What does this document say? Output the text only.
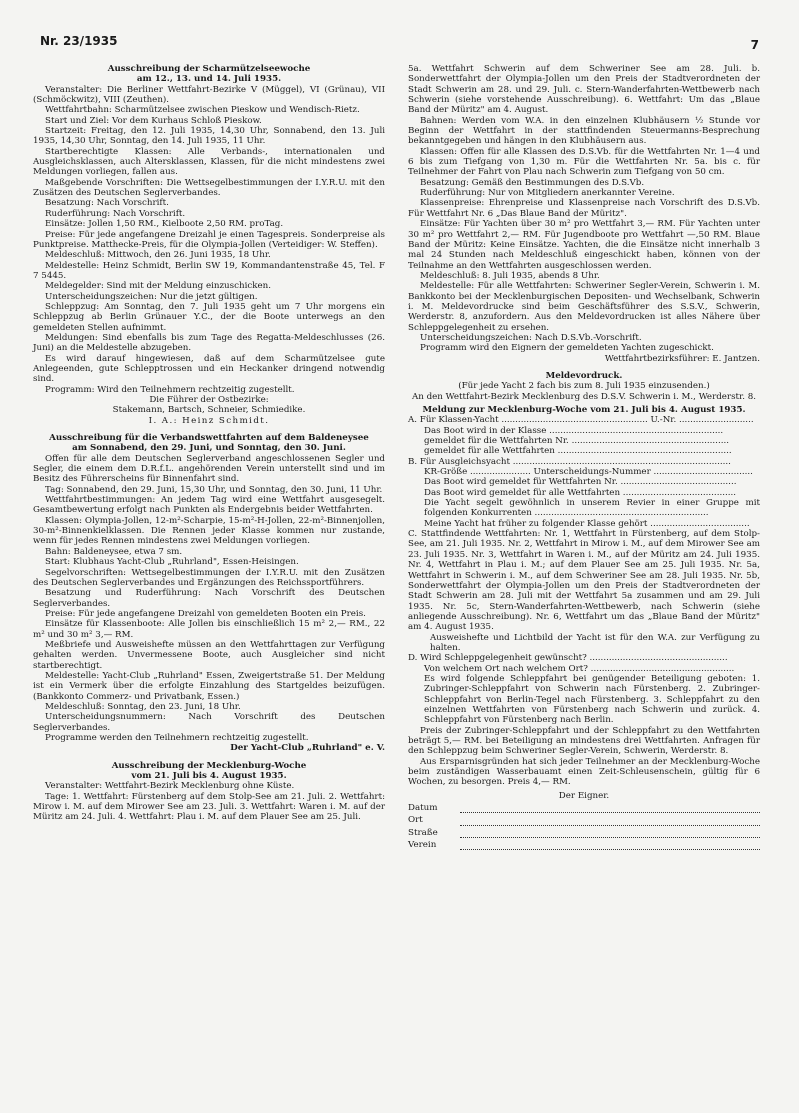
Nr. 23/1935	7
Ausschreibung der Scharmützelseewoche
am 12., 13. und 14. Juli 1935.

Veranstalter: Die Berliner Wettfahrt-Bezirke V (Müggel), VI (Grünau), VII (Schmöckwitz), VIII (Zeuthen).

Wettfahrtbahn: Scharmützelsee zwischen Pieskow und Wendisch-Rietz.

Start und Ziel: Vor dem Kurhaus Schloß Pieskow.

Startzeit: Freitag, den 12. Juli 1935, 14,30 Uhr, Sonnabend, den 13. Juli 1935, 14,30 Uhr, Sonntag, den 14. Juli 1935, 11 Uhr.

Startberechtigte Klassen: Alle Verbands-, internationalen und Ausgleichsklassen, auch Altersklassen, Klassen, für die nicht mindestens zwei Meldungen vorliegen, fallen aus.

Maßgebende Vorschriften: Die Wettsegelbestimmungen der I.Y.R.U. mit den Zusätzen des Deutschen Seglerverbandes.

Besatzung: Nach Vorschrift.

Ruderführung: Nach Vorschrift.

Einsätze: Jollen 1,50 RM., Kielboote 2,50 RM. proTag.

Preise: Für jede angefangene Dreizahl je einen Tagespreis. Sonderpreise als Punktpreise. Matthecke-Preis, für die Olympia-Jollen (Verteidiger: W. Steffen).

Meldeschluß: Mittwoch, den 26. Juni 1935, 18 Uhr.

Meldestelle: Heinz Schmidt, Berlin SW 19, Kommandantenstraße 45, Tel. F 7 5445.

Meldegelder: Sind mit der Meldung einzuschicken.

Unterscheidungszeichen: Nur die jetzt gültigen.

Schleppzug: Am Sonntag, den 7. Juli 1935 geht um 7 Uhr morgens ein Schleppzug ab Berlin Grünauer Y.C., der die Boote unterwegs an den gemeldeten Stellen aufnimmt.

Meldungen: Sind ebenfalls bis zum Tage des Regatta-Meldeschlusses (26. Juni) an die Meldestelle abzugeben.

Es wird darauf hingewiesen, daß auf dem Scharmützelsee gute Anlegeenden, gute Schlepptrossen und ein Heckanker dringend notwendig sind.

Programm: Wird den Teilnehmern rechtzeitig zugestellt.

Die Führer der Ostbezirke:

Stakemann, Bartsch, Schneier, Schmiedike.

I. A.: Heinz Schmidt.

Ausschreibung für die Verbandswettfahrten auf dem Baldeneysee
am Sonnabend, den 29. Juni, und Sonntag, den 30. Juni.

Offen für alle dem Deutschen Seglerverband angeschlossenen Segler und Segler, die einem dem D.R.f.L. angehörenden Verein unterstellt sind und im Besitz des Führerscheins für Binnenfahrt sind.

Tag: Sonnabend, den 29. Juni, 15,30 Uhr, und Sonntag, den 30. Juni, 11 Uhr.

Wettfahrtbestimmungen: An jedem Tag wird eine Wettfahrt ausgesegelt. Gesamtbewertung erfolgt nach Punkten als Endergebnis beider Wettfahrten.

Klassen: Olympia-Jollen, 12-m²-Scharpie, 15-m²-H-Jollen, 22-m²-Binnenjollen, 30-m²-Binnenkielklassen. Die Rennen jeder Klasse kommen nur zustande, wenn für jedes Rennen mindestens zwei Meldungen vorliegen.

Bahn: Baldeneysee, etwa 7 sm.

Start: Klubhaus Yacht-Club „Ruhrland", Essen-Heisingen.

Segelvorschriften: Wettsegelbestimmungen der I.Y.R.U. mit den Zusätzen des Deutschen Seglerverbandes und Ergänzungen des Reichssportführers.

Besatzung und Ruderführung: Nach Vorschrift des Deutschen Seglerverbandes.

Preise: Für jede angefangene Dreizahl von gemeldeten Booten ein Preis.

Einsätze für Klassenboote: Alle Jollen bis einschließlich 15 m² 2,— RM., 22 m² und 30 m² 3,— RM.

Meßbriefe und Ausweishefte müssen an den Wettfahrttagen zur Verfügung gehalten werden. Unvermessene Boote, auch Ausgleicher sind nicht startberechtigt.

Meldestelle: Yacht-Club „Ruhrland" Essen, Zweigertstraße 51. Der Meldung ist ein Vermerk über die erfolgte Einzahlung des Startgeldes beizufügen. (Bankkonto Commerz- und Privatbank, Essen.)

Meldeschluß: Sonntag, den 23. Juni, 18 Uhr.

Unterscheidungsnummern: Nach Vorschrift des Deutschen Seglerverbandes.

Programme werden den Teilnehmern rechtzeitig zugestellt.

Der Yacht-Club „Ruhrland" e. V.

Ausschreibung der Mecklenburg-Woche
vom 21. Juli bis 4. August 1935.

Veranstalter: Wettfahrt-Bezirk Mecklenburg ohne Küste.

Tage: 1. Wettfahrt: Fürstenberg auf dem Stolp-See am 21. Juli. 2. Wettfahrt: Mirow i. M. auf dem Mirower See am 23. Juli. 3. Wettfahrt: Waren i. M. auf der Müritz am 24. Juli. 4. Wettfahrt: Plau i. M. auf dem Plauer See am 25. Juli.

5a. Wettfahrt Schwerin auf dem Schweriner See am 28. Juli. b. Sonderwettfahrt der Olympia-Jollen um den Preis der Stadtverordneten der Stadt Schwerin am 28. und 29. Juli. c. Stern-Wanderfahrten-Wettbewerb nach Schwerin (siehe vorstehende Ausschreibung). 6. Wettfahrt: Um das „Blaue Band der Müritz" am 4. August.

Bahnen: Werden vom W.A. in den einzelnen Klubhäusern ½ Stunde vor Beginn der Wettfahrt in der stattfindenden Steuermanns-Besprechung bekanntgegeben und hängen in den Klubhäusern aus.

Klassen: Offen für alle Klassen des D.S.Vb. für die Wettfahrten Nr. 1—4 und 6 bis zum Tiefgang von 1,30 m. Für die Wettfahrten Nr. 5a. bis c. für Teilnehmer der Fahrt von Plau nach Schwerin zum Tiefgang von 50 cm.

Besatzung: Gemäß den Bestimmungen des D.S.Vb.

Ruderführung: Nur von Mitgliedern anerkannter Vereine.

Klassenpreise: Ehrenpreise und Klassenpreise nach Vorschrift des D.S.Vb. Für Wettfahrt Nr. 6 „Das Blaue Band der Müritz".

Einsätze: Für Yachten über 30 m² pro Wettfahrt 3,— RM. Für Yachten unter 30 m² pro Wettfahrt 2,— RM. Für Jugendboote pro Wettfahrt —,50 RM. Blaue Band der Müritz: Keine Einsätze. Yachten, die die Einsätze nicht innerhalb 3 mal 24 Stunden nach Meldeschluß eingeschickt haben, können von der Teilnahme an den Wettfahrten ausgeschlossen werden.

Meldeschluß: 8. Juli 1935, abends 8 Uhr.

Meldestelle: Für alle Wettfahrten: Schweriner Segler-Verein, Schwerin i. M. Bankkonto bei der Mecklenburgischen Depositen- und Wechselbank, Schwerin i. M. Meldevordrucke sind beim Geschäftsführer des S.S.V., Schwerin, Werderstr. 8, anzufordern. Aus den Meldevordrucken ist alles Nähere über Schleppgelegenheit zu ersehen.

Unterscheidungszeichen: Nach D.S.Vb.-Vorschrift.

Programm wird den Eignern der gemeldeten Yachten zugeschickt.

Wettfahrtbezirksführer: E. Jantzen.

Meldevordruck.

(Für jede Yacht 2 fach bis zum 8. Juli 1935 einzusenden.)

An den Wettfahrt-Bezirk Mecklenburg des D.S.V. Schwerin i. M., Werderstr. 8.

Meldung zur Mecklenburg-Woche vom 21. Juli bis 4. August 1935.

A. Für Klassen-Yacht ..................................................... U.-Nr. ...........................

Das Boot wird in der Klasse ...............................................................

gemeldet für die Wettfahrten Nr. .........................................................

gemeldet für alle Wettfahrten ...............................................................

B. Für Ausgleichsyacht ...............................................................................

KR-Größe ...................... Unterscheidungs-Nummer ....................................

Das Boot wird gemeldet für Wettfahrten Nr. ..........................................

Das Boot wird gemeldet für alle Wettfahrten .........................................

Die Yacht segelt gewöhnlich in unserem Revier in einer Gruppe mit folgenden Konkurrenten ...............................................................

Meine Yacht hat früher zu folgender Klasse gehört ....................................

C. Stattfindende Wettfahrten: Nr. 1, Wettfahrt in Fürstenberg, auf dem Stolp-See, am 21. Juli 1935. Nr. 2, Wettfahrt in Mirow i. M., auf dem Mirower See am 23. Juli 1935. Nr. 3, Wettfahrt in Waren i. M., auf der Müritz am 24. Juli 1935. Nr. 4, Wettfahrt in Plau i. M.; auf dem Plauer See am 25. Juli 1935. Nr. 5a, Wettfahrt in Schwerin i. M., auf dem Schweriner See am 28. Juli 1935. Nr. 5b, Sonderwettfahrt der Olympia-Jollen um den Preis der Stadtverordneten der Stadt Schwerin am 28. Juli mit der Wettfahrt 5a zusammen und am 29. Juli 1935. Nr. 5c, Stern-Wanderfahrten-Wettbewerb, nach Schwerin (siehe anliegende Ausschreibung). Nr. 6, Wettfahrt um das „Blaue Band der Müritz" am 4. August 1935.

Ausweishefte und Lichtbild der Yacht ist für den W.A. zur Verfügung zu halten.

D. Wird Schleppgelegenheit gewünscht? ..................................................

Von welchem Ort nach welchem Ort? ....................................................

Es wird folgende Schleppfahrt bei genügender Beteiligung geboten: 1. Zubringer-Schleppfahrt von Schwerin nach Fürstenberg. 2. Zubringer-Schleppfahrt von Berlin-Tegel nach Fürstenberg. 3. Schleppfahrt zu den einzelnen Wettfahrten von Fürstenberg nach Schwerin und zurück. 4. Schleppfahrt von Fürstenberg nach Berlin.

Preis der Zubringer-Schleppfahrt und der Schleppfahrt zu den Wettfahrten beträgt 5,— RM. bei Beteiligung an mindestens drei Wettfahrten. Anfragen für den Schleppzug beim Schweriner Segler-Verein, Schwerin, Werderstr. 8.

Aus Ersparnisgründen hat sich jeder Teilnehmer an der Mecklenburg-Woche beim zuständigen Wasserbauamt einen Zeit-Schleusenschein, gültig für 6 Wochen, zu besorgen. Preis 4,— RM.

Der Eigner.

Datum
Ort
Straße
Verein
